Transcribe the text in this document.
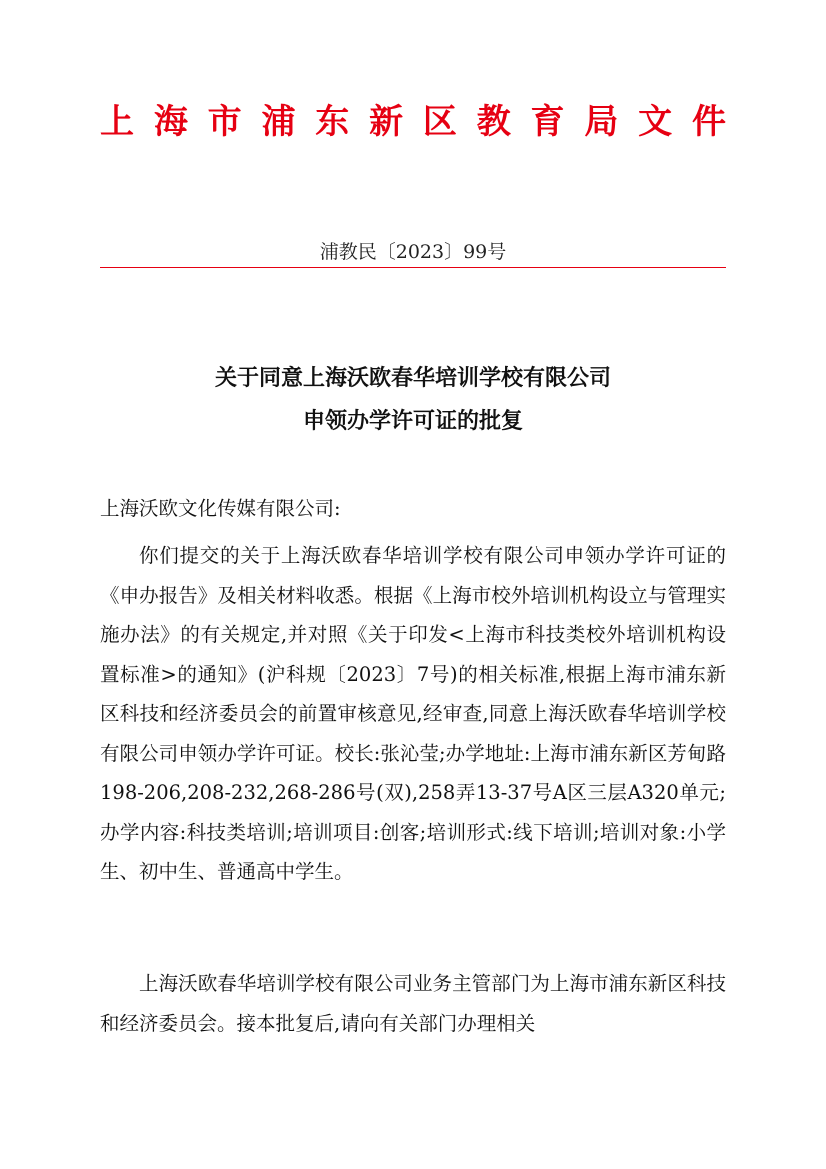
上海市浦东新区教育局文件
浦教民〔2023〕99号
关于同意上海沃欧春华培训学校有限公司
申领办学许可证的批复
上海沃欧文化传媒有限公司:
你们提交的关于上海沃欧春华培训学校有限公司申领办学许可证的《申办报告》及相关材料收悉。根据《上海市校外培训机构设立与管理实施办法》的有关规定,并对照《关于印发<上海市科技类校外培训机构设置标准>的通知》(沪科规〔2023〕7号)的相关标准,根据上海市浦东新区科技和经济委员会的前置审核意见,经审查,同意上海沃欧春华培训学校有限公司申领办学许可证。校长:张沁莹;办学地址:上海市浦东新区芳甸路198-206,208-232,268-286号(双),258弄13-37号A区三层A320单元;办学内容:科技类培训;培训项目:创客;培训形式:线下培训;培训对象:小学生、初中生、普通高中学生。
上海沃欧春华培训学校有限公司业务主管部门为上海市浦东新区科技和经济委员会。接本批复后,请向有关部门办理相关
